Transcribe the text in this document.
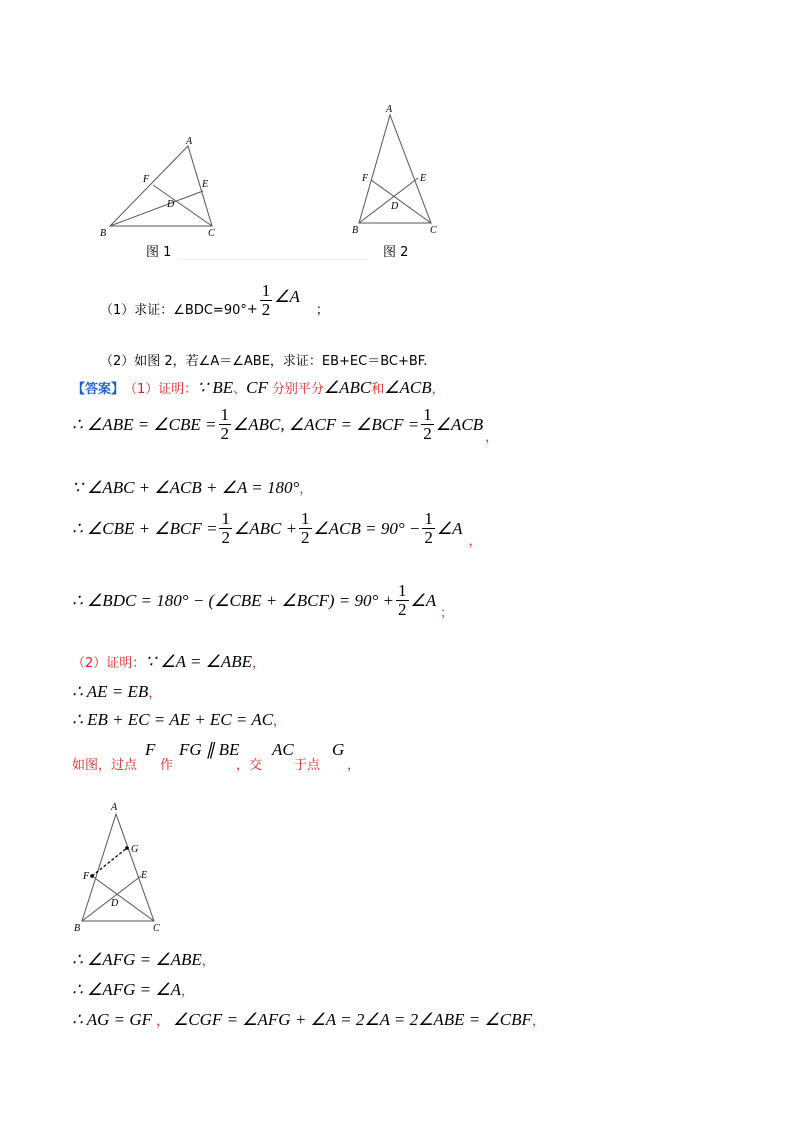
A
B	C
D
E
F
图 1
A
B	C
D
E
F
图 2
（1）求证：∠BDC=90° + $\frac{1}{2}$ ∠A
；
（2）如图 2，若∠A＝∠ABE，求证：EB+EC＝BC+BF.
【答案】 （1）证明： ∵ BE 、 CF 分别平分 ∠ABC 和 ∠ACB ，
∴ ∠ABE = ∠CBE = $\frac{1}{2}$ ∠ABC, ∠ACF = ∠BCF = $\frac{1}{2}$ ∠ACB
，
∵ ∠ABC + ∠ACB + ∠A = 180° ，
∴ ∠CBE + ∠BCF = $\frac{1}{2}$ ∠ABC + $\frac{1}{2}$ ∠ACB = $90^\circ - \frac{1}{2}$ ∠A
，
∴ ∠BDC = 180° − (∠CBE + ∠BCF) = $90^\circ + \frac{1}{2}$ ∠A
；
（2）证明： ∵ ∠A = ∠ABE ，
∴ AE = EB ，
∴ EB + EC = AE + EC = AC ，
如图，过点
F
作
FG ∥ BE
，交
AC
于点
G
，
A
B	C
D
E
F
G
∴ ∠AFG = ∠ABE ，
∴ ∠AFG = ∠A ，
∴ AG = GF ， ∠CGF = ∠AFG + ∠A = 2∠A = 2∠ABE = ∠CBF ，
